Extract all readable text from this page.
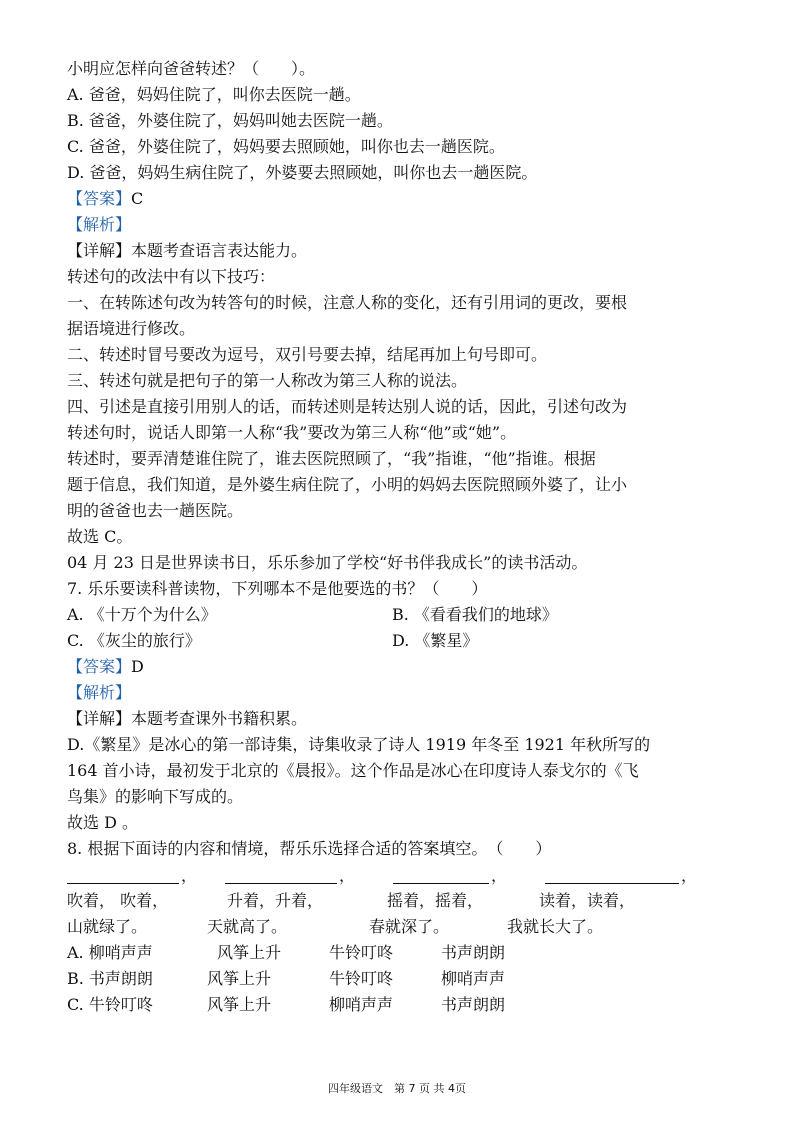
小明应怎样向爸爸转述？（　　）。
A. 爸爸，妈妈住院了，叫你去医院一趟。
B. 爸爸，外婆住院了，妈妈叫她去医院一趟。
C. 爸爸，外婆住院了，妈妈要去照顾她，叫你也去一趟医院。
D. 爸爸，妈妈生病住院了，外婆要去照顾她，叫你也去一趟医院。
【答案】C
【解析】
【详解】本题考查语言表达能力。
转述句的改法中有以下技巧：
一、在转陈述句改为转答句的时候，注意人称的变化，还有引用词的更改，要根
据语境进行修改。
二、转述时冒号要改为逗号，双引号要去掉，结尾再加上句号即可。
三、转述句就是把句子的第一人称改为第三人称的说法。
四、引述是直接引用别人的话，而转述则是转达别人说的话，因此，引述句改为
转述句时，说话人即第一人称“我”要改为第三人称“他”或“她”。
转述时，要弄清楚谁住院了，谁去医院照顾了，“我”指谁，“他”指谁。根据
题于信息，我们知道，是外婆生病住院了，小明的妈妈去医院照顾外婆了，让小
明的爸爸也去一趟医院。
故选 C。
04 月 23 日是世界读书日，乐乐参加了学校“好书伴我成长”的读书活动。
7. 乐乐要读科普读物，下列哪本不是他要选的书？（　　）
A. 《十万个为什么》	B. 《看看我们的地球》
C. 《灰尘的旅行》	D. 《繁星》
【答案】D
【解析】
【详解】本题考查课外书籍积累。
D.《繁星》是冰心的第一部诗集，诗集收录了诗人 1919 年冬至 1921 年秋所写的
164 首小诗，最初发于北京的《晨报》。这个作品是冰心在印度诗人泰戈尔的《飞
鸟集》的影响下写成的。
故选 D 。
8. 根据下面诗的内容和情境，帮乐乐选择合适的答案填空。　（　　）
，	，	，	，
吹着， 吹着，	升着，升着，	摇着，摇着，	读着，读着，
山就绿了。	天就高了。	春就深了。	我就长大了。
A. 柳哨声声	风筝上升	牛铃叮咚	书声朗朗
B. 书声朗朗	风筝上升	牛铃叮咚	柳哨声声
C. 牛铃叮咚	风筝上升	柳哨声声	书声朗朗
四年级语文　第 7 页 共 4页
